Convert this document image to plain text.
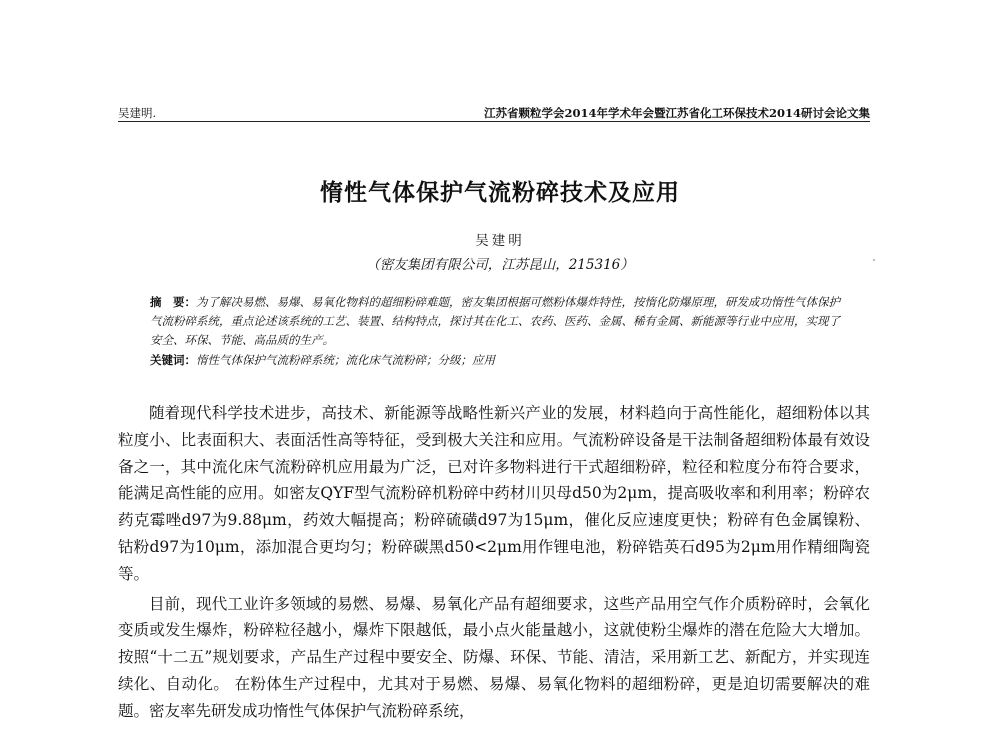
吴建明.	江苏省颗粒学会2014年学术年会暨江苏省化工环保技术2014研讨会论文集
惰性气体保护气流粉碎技术及应用
吴建明
（密友集团有限公司，江苏昆山，215316）

摘　要：为了解决易燃、易爆、易氧化物料的超细粉碎难题，密友集团根据可燃粉体爆炸特性，按惰化防爆原理，研发成功惰性气体保护气流粉碎系统，重点论述该系统的工艺、装置、结构特点，探讨其在化工、农药、医药、金属、稀有金属、新能源等行业中应用，实现了安全、环保、节能、高品质的生产。

关键词：惰性气体保护气流粉碎系统；流化床气流粉碎；分级；应用

随着现代科学技术进步，高技术、新能源等战略性新兴产业的发展，材料趋向于高性能化，超细粉体以其粒度小、比表面积大、表面活性高等特征，受到极大关注和应用。气流粉碎设备是干法制备超细粉体最有效设备之一，其中流化床气流粉碎机应用最为广泛，已对许多物料进行干式超细粉碎，粒径和粒度分布符合要求，能满足高性能的应用。如密友QYF型气流粉碎机粉碎中药材川贝母d50为2μm，提高吸收率和利用率；粉碎农药克霉唑d97为9.88μm，药效大幅提高；粉碎硫磺d97为15μm，催化反应速度更快；粉碎有色金属镍粉、钴粉d97为10μm，添加混合更均匀；粉碎碳黑d50<2μm用作锂电池，粉碎锆英石d95为2μm用作精细陶瓷等。

目前，现代工业许多领域的易燃、易爆、易氧化产品有超细要求，这些产品用空气作介质粉碎时，会氧化变质或发生爆炸，粉碎粒径越小，爆炸下限越低，最小点火能量越小，这就使粉尘爆炸的潜在危险大大增加。按照“十二五”规划要求，产品生产过程中要安全、防爆、环保、节能、清洁，采用新工艺、新配方，并实现连续化、自动化。 在粉体生产过程中，尤其对于易燃、易爆、易氧化物料的超细粉碎，更是迫切需要解决的难题。密友率先研发成功惰性气体保护气流粉碎系统，
